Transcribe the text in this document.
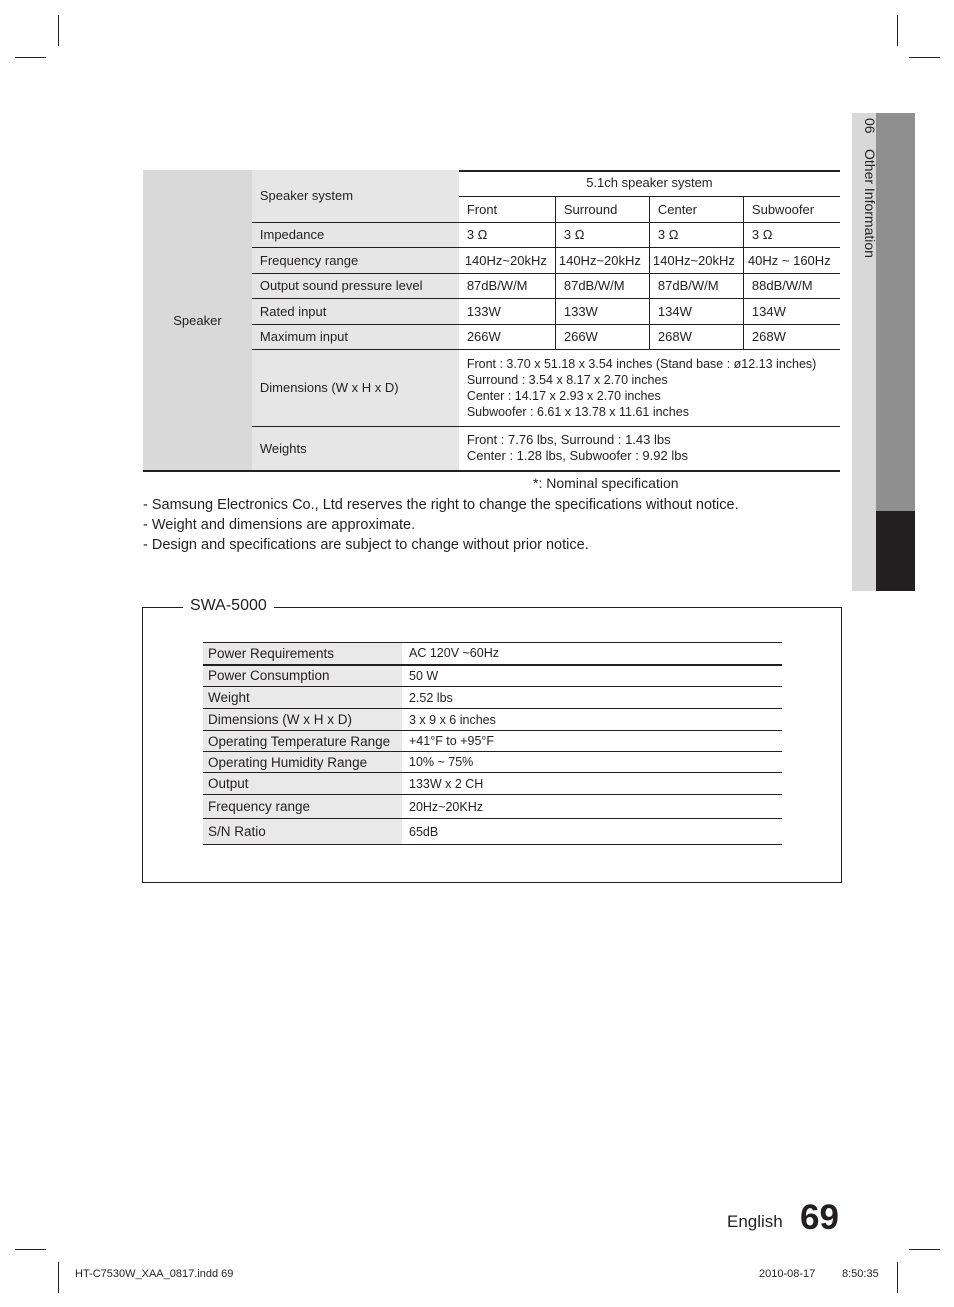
06 Other Information
Speaker	Speaker system	5.1ch speaker system			
		Front	Surround	Center	Subwoofer
	Impedance	3 Ω	3 Ω	3 Ω	3 Ω
	Frequency range	140Hz~20kHz	140Hz~20kHz	140Hz~20kHz	40Hz ~ 160Hz
	Output sound pressure level	87dB/W/M	87dB/W/M	87dB/W/M	88dB/W/M
	Rated input	133W	133W	134W	134W
	Maximum input	266W	266W	268W	268W
	Dimensions (W x H x D)	Front : 3.70 x 51.18 x 3.54 inches (Stand base : ø12.13 inches)
Surround : 3.54 x 8.17 x 2.70 inches
Center : 14.17 x 2.93 x 2.70 inches
Subwoofer : 6.61 x 13.78 x 11.61 inches			

	Weights	Front : 7.76 lbs, Surround : 1.43 lbs
Center : 1.28 lbs, Subwoofer : 9.92 lbs			
*: Nominal specification
- Samsung Electronics Co., Ltd reserves the right to change the specifications without notice.
- Weight and dimensions are approximate.
- Design and specifications are subject to change without prior notice.
SWA-5000
Power Requirements	AC 120V ~60Hz
Power Consumption	50 W
Weight	2.52 lbs
Dimensions (W x H x D)	3 x 9 x 6 inches
Operating Temperature Range	+41°F to +95°F
Operating Humidity Range	10% ~ 75%
Output	133W x 2 CH
Frequency range	20Hz~20KHz
S/N Ratio	65dB
English 69
HT-C7530W_XAA_0817.indd 69	2010-08-17 8:50:35
